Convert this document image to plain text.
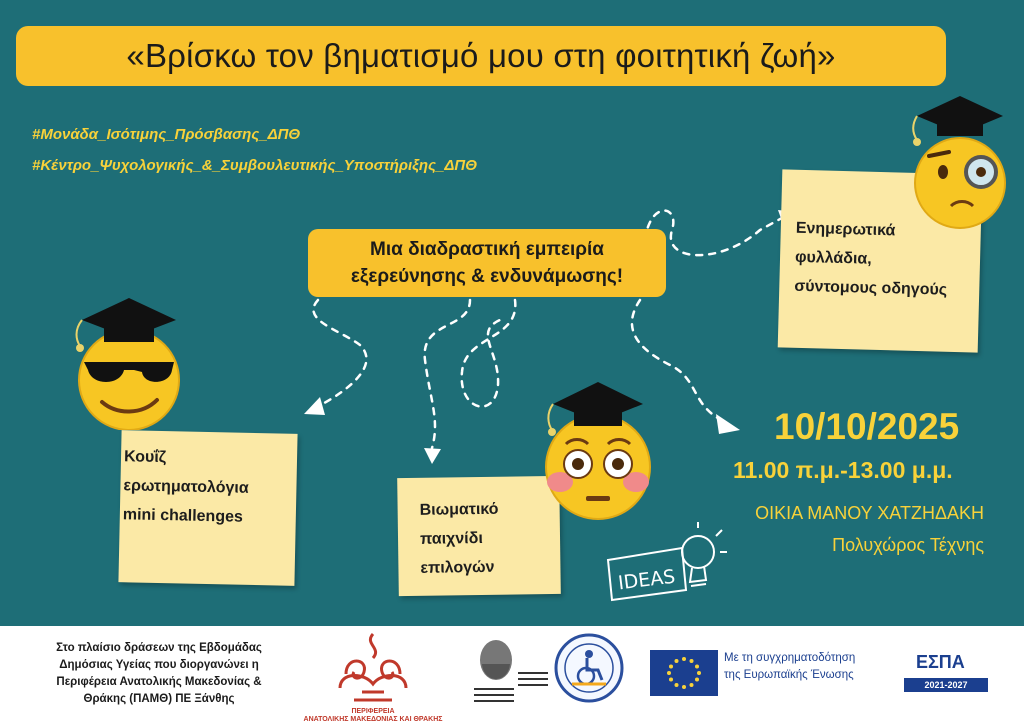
«Βρίσκω τον βηματισμό μου στη φοιτητική ζωή»
#Μονάδα_Ισότιμης_Πρόσβασης_ΔΠΘ
#Κέντρο_Ψυχολογικής_&_Συμβουλευτικής_Υποστήριξης_ΔΠΘ
Μια διαδραστική εμπειρία
εξερεύνησης & ενδυνάμωσης!
Κουΐζ
ερωτηματολόγια
mini challenges	Βιωματικό
παιχνίδι
επιλογών
Ενημερωτικά
φυλλάδια,
σύντομους οδηγούς
IDEAS
10/10/2025
11.00 π.μ.-13.00 μ.μ.
ΟΙΚΙΑ ΜΑΝΟΥ ΧΑΤΖΗΔΑΚΗ
Πολυχώρος Τέχνης
Στο πλαίσιο δράσεων της Εβδομάδας
Δημόσιας Υγείας που διοργανώνει η
Περιφέρεια Ανατολικής Μακεδονίας &
Θράκης (ΠΑΜΘ) ΠΕ Ξάνθης
ΠΕΡΙΦΕΡΕΙΑ
ΑΝΑΤΟΛΙΚΗΣ ΜΑΚΕΔΟΝΙΑΣ ΚΑΙ ΘΡΑΚΗΣ
Με τη συγχρηματοδότηση
της Ευρωπαϊκής Ένωσης
ΕΣΠΑ
2021-2027
